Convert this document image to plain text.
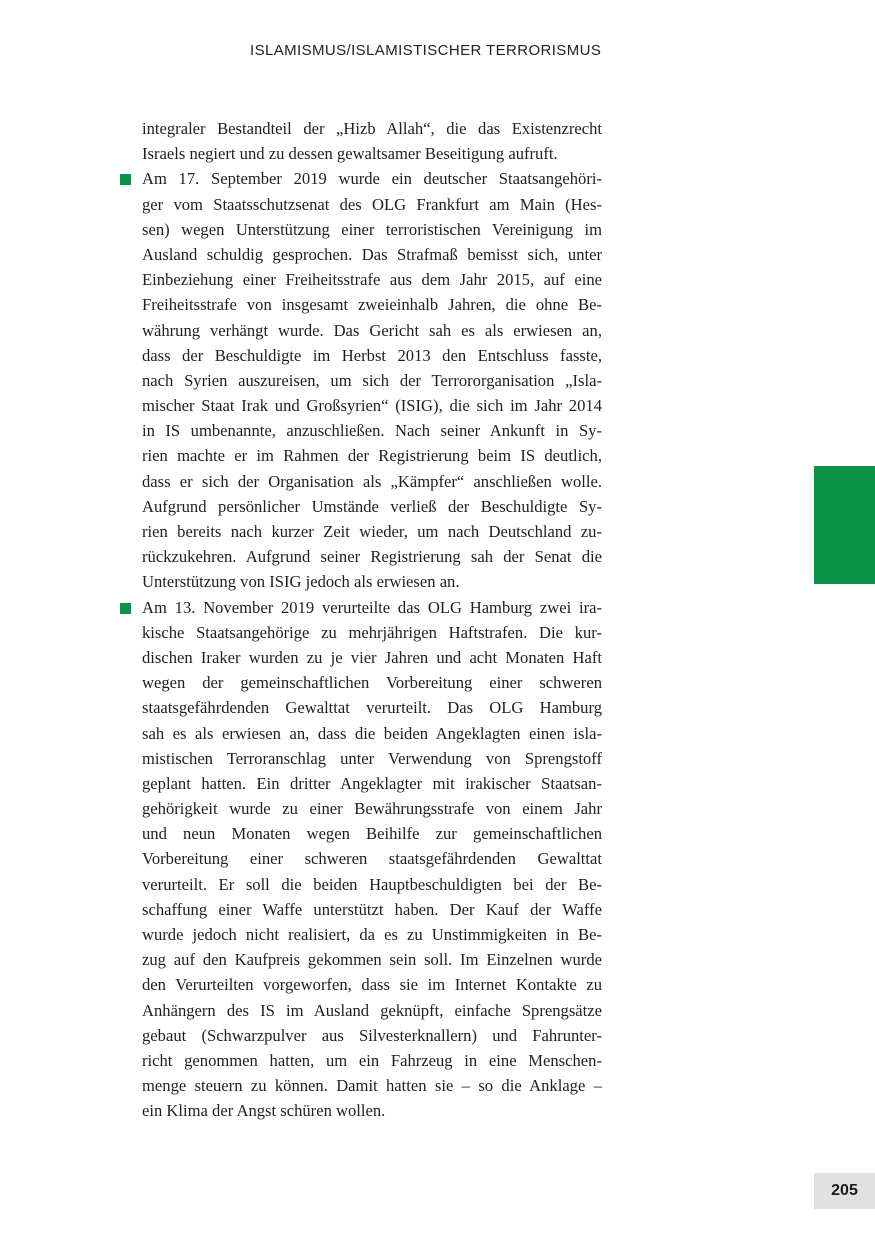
ISLAMISMUS/ISLAMISTISCHER TERRORISMUS
integraler Bestandteil der „Hizb Allah“, die das Existenzrecht
Israels negiert und zu dessen gewaltsamer Beseitigung aufruft.
Am 17. September 2019 wurde ein deutscher Staatsangehöri-
ger vom Staatsschutzsenat des OLG Frankfurt am Main (Hes-
sen) wegen Unterstützung einer terroristischen Vereinigung im
Ausland schuldig gesprochen. Das Strafmaß bemisst sich, unter
Einbeziehung einer Freiheitsstrafe aus dem Jahr 2015, auf eine
Freiheitsstrafe von insgesamt zweieinhalb Jahren, die ohne Be-
währung verhängt wurde. Das Gericht sah es als erwiesen an,
dass der Beschuldigte im Herbst 2013 den Entschluss fasste,
nach Syrien auszureisen, um sich der Terrororganisation „Isla-
mischer Staat Irak und Großsyrien“ (ISIG), die sich im Jahr 2014
in IS umbenannte, anzuschließen. Nach seiner Ankunft in Sy-
rien machte er im Rahmen der Registrierung beim IS deutlich,
dass er sich der Organisation als „Kämpfer“ anschließen wolle.
Aufgrund persönlicher Umstände verließ der Beschuldigte Sy-
rien bereits nach kurzer Zeit wieder, um nach Deutschland zu-
rückzukehren. Aufgrund seiner Registrierung sah der Senat die
Unterstützung von ISIG jedoch als erwiesen an.
Am 13. November 2019 verurteilte das OLG Hamburg zwei ira-
kische Staatsangehörige zu mehrjährigen Haftstrafen. Die kur-
dischen Iraker wurden zu je vier Jahren und acht Monaten Haft
wegen der gemeinschaftlichen Vorbereitung einer schweren
staatsgefährdenden Gewalttat verurteilt. Das OLG Hamburg
sah es als erwiesen an, dass die beiden Angeklagten einen isla-
mistischen Terroranschlag unter Verwendung von Sprengstoff
geplant hatten. Ein dritter Angeklagter mit irakischer Staatsan-
gehörigkeit wurde zu einer Bewährungsstrafe von einem Jahr
und neun Monaten wegen Beihilfe zur gemeinschaftlichen
Vorbereitung einer schweren staatsgefährdenden Gewalttat
verurteilt. Er soll die beiden Hauptbeschuldigten bei der Be-
schaffung einer Waffe unterstützt haben. Der Kauf der Waffe
wurde jedoch nicht realisiert, da es zu Unstimmigkeiten in Be-
zug auf den Kaufpreis gekommen sein soll. Im Einzelnen wurde
den Verurteilten vorgeworfen, dass sie im Internet Kontakte zu
Anhängern des IS im Ausland geknüpft, einfache Sprengsätze
gebaut (Schwarzpulver aus Silvesterknallern) und Fahrunter-
richt genommen hatten, um ein Fahrzeug in eine Menschen-
menge steuern zu können. Damit hatten sie – so die Anklage –
ein Klima der Angst schüren wollen.
205
